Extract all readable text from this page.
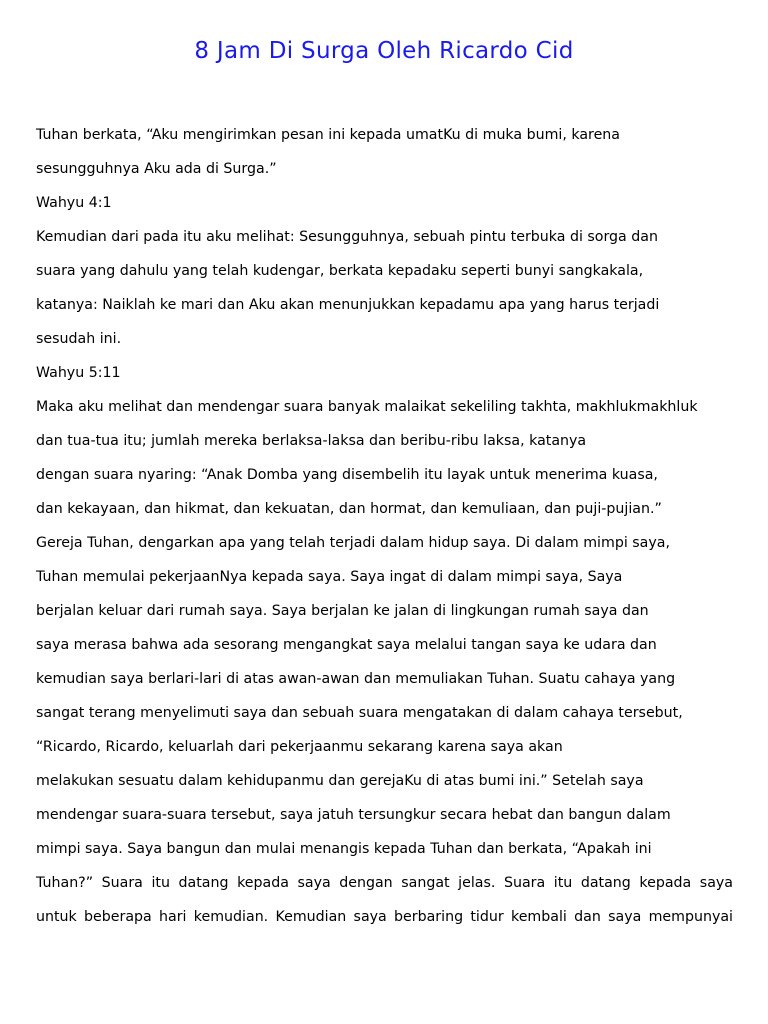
8 Jam Di Surga Oleh Ricardo Cid
Tuhan berkata, “Aku mengirimkan pesan ini kepada umatKu di muka bumi, karena
sesungguhnya Aku ada di Surga.”
Wahyu 4:1
Kemudian dari pada itu aku melihat: Sesungguhnya, sebuah pintu terbuka di sorga dan
suara yang dahulu yang telah kudengar, berkata kepadaku seperti bunyi sangkakala,
katanya: Naiklah ke mari dan Aku akan menunjukkan kepadamu apa yang harus terjadi
sesudah ini.
Wahyu 5:11
Maka aku melihat dan mendengar suara banyak malaikat sekeliling takhta, makhlukmakhluk
dan tua-tua itu; jumlah mereka berlaksa-laksa dan beribu-ribu laksa, katanya
dengan suara nyaring: “Anak Domba yang disembelih itu layak untuk menerima kuasa,
dan kekayaan, dan hikmat, dan kekuatan, dan hormat, dan kemuliaan, dan puji-pujian.”
Gereja Tuhan, dengarkan apa yang telah terjadi dalam hidup saya. Di dalam mimpi saya,
Tuhan memulai pekerjaanNya kepada saya. Saya ingat di dalam mimpi saya, Saya
berjalan keluar dari rumah saya. Saya berjalan ke jalan di lingkungan rumah saya dan
saya merasa bahwa ada sesorang mengangkat saya melalui tangan saya ke udara dan
kemudian saya berlari-lari di atas awan-awan dan memuliakan Tuhan. Suatu cahaya yang
sangat terang menyelimuti saya dan sebuah suara mengatakan di dalam cahaya tersebut,
“Ricardo, Ricardo, keluarlah dari pekerjaanmu sekarang karena saya akan
melakukan sesuatu dalam kehidupanmu dan gerejaKu di atas bumi ini.” Setelah saya
mendengar suara-suara tersebut, saya jatuh tersungkur secara hebat dan bangun dalam
mimpi saya. Saya bangun dan mulai menangis kepada Tuhan dan berkata, “Apakah ini
Tuhan?” Suara itu datang kepada saya dengan sangat jelas. Suara itu datang kepada saya
untuk beberapa hari kemudian. Kemudian saya berbaring tidur kembali dan saya mempunyai
